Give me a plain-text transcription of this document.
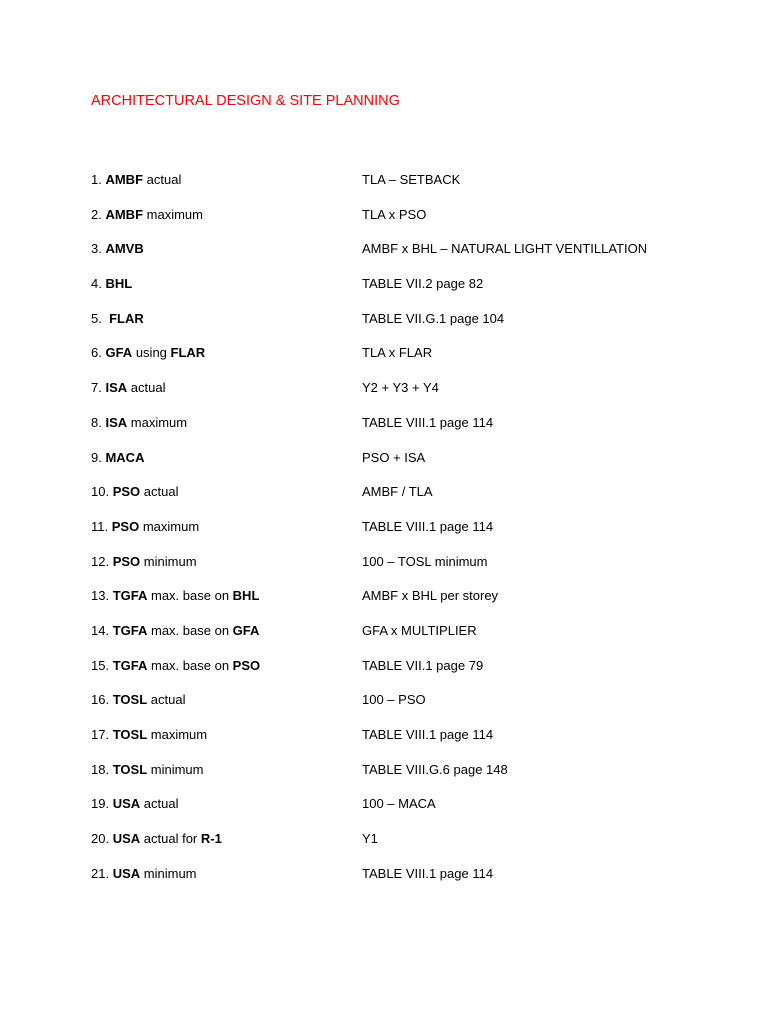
ARCHITECTURAL DESIGN & SITE PLANNING
1. AMBF actual	TLA – SETBACK
2. AMBF maximum	TLA x PSO
3. AMVB	AMBF x BHL – NATURAL LIGHT VENTILLATION
4. BHL	TABLE VII.2 page 82
5. FLAR	TABLE VII.G.1 page 104
6. GFA using FLAR	TLA x FLAR
7. ISA actual	Y2 + Y3 + Y4
8. ISA maximum	TABLE VIII.1 page 114
9. MACA	PSO + ISA
10. PSO actual	AMBF / TLA
11. PSO maximum	TABLE VIII.1 page 114
12. PSO minimum	100 – TOSL minimum
13. TGFA max. base on BHL	AMBF x BHL per storey
14. TGFA max. base on GFA	GFA x MULTIPLIER
15. TGFA max. base on PSO	TABLE VII.1 page 79
16. TOSL actual	100 – PSO
17. TOSL maximum	TABLE VIII.1 page 114
18. TOSL minimum	TABLE VIII.G.6 page 148
19. USA actual	100 – MACA
20. USA actual for R-1	Y1
21. USA minimum	TABLE VIII.1 page 114
